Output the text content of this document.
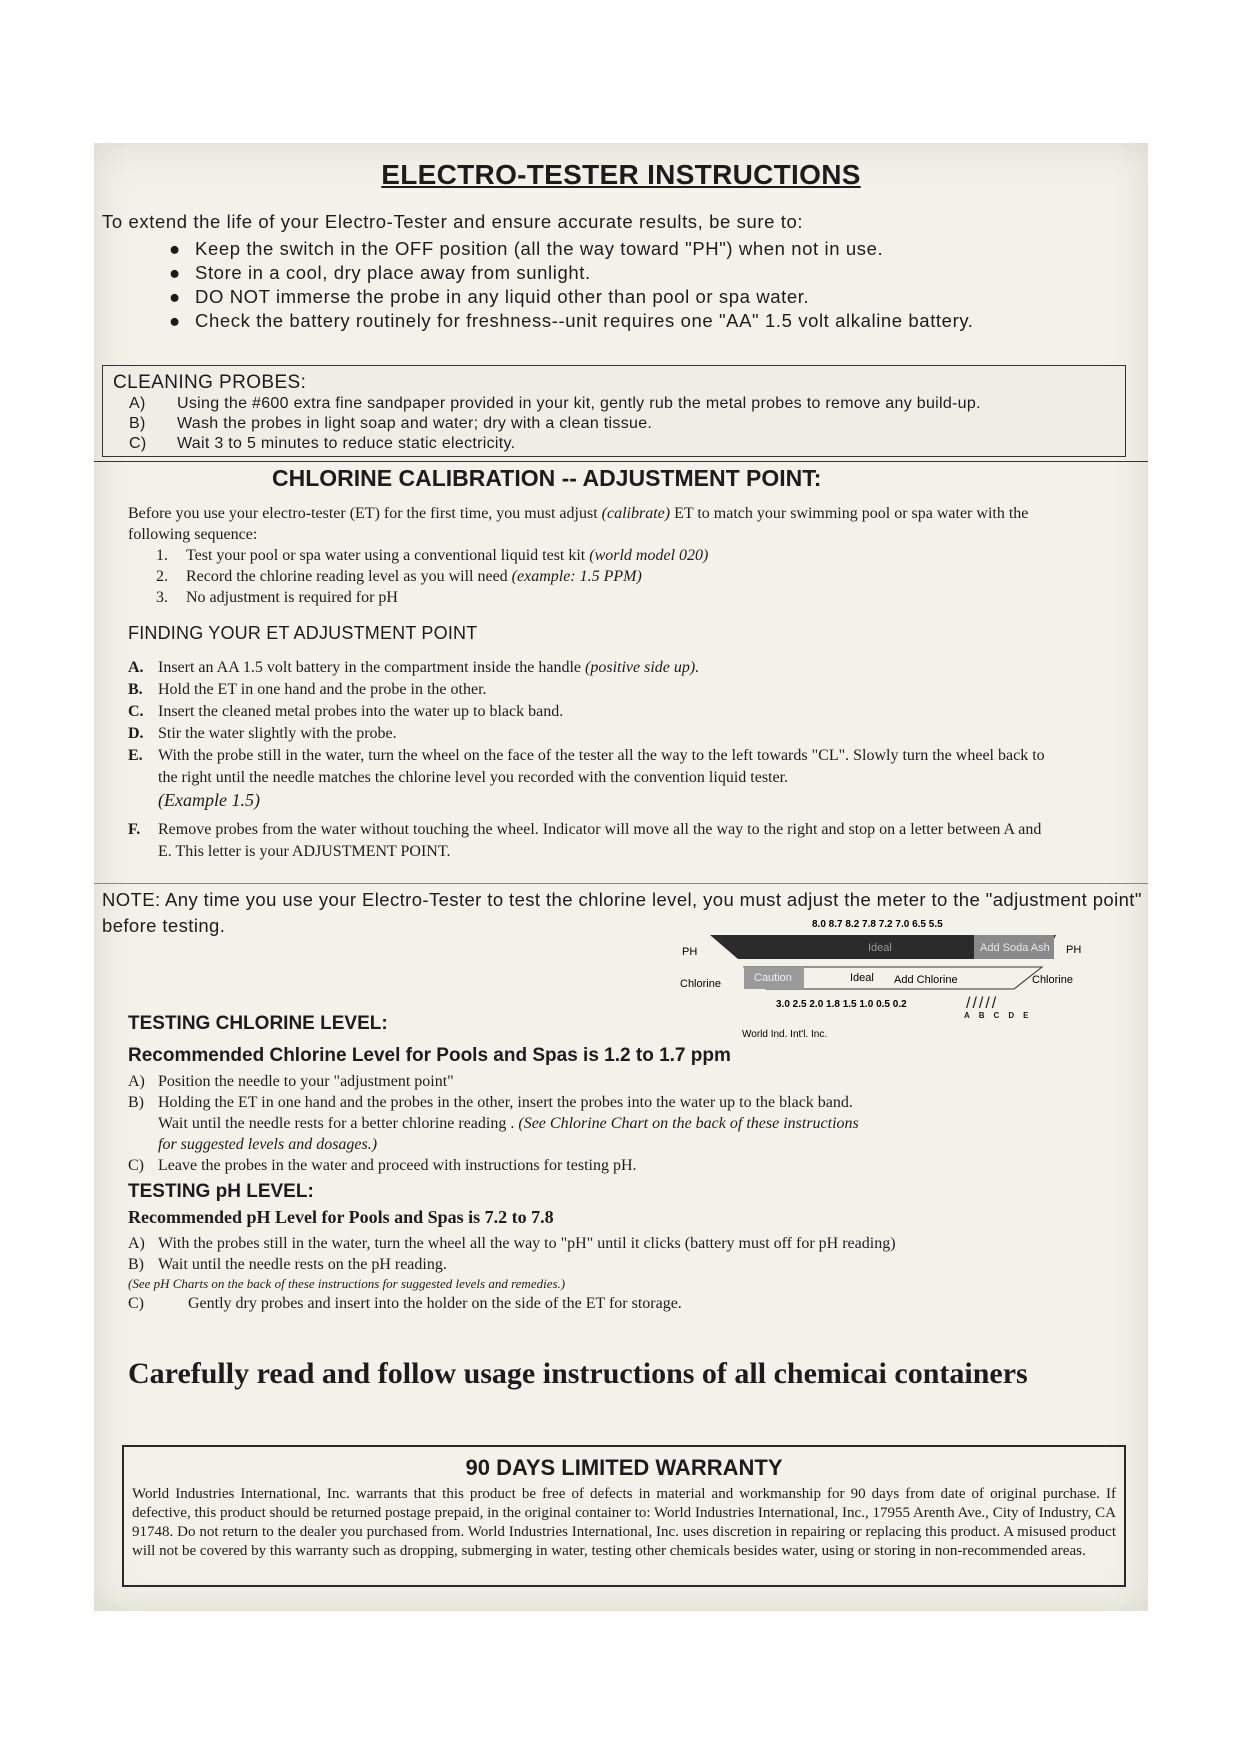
ELECTRO-TESTER INSTRUCTIONS
To extend the life of your Electro-Tester and ensure accurate results, be sure to:
● Keep the switch in the OFF position (all the way toward "PH") when not in use.
● Store in a cool, dry place away from sunlight.
● DO NOT immerse the probe in any liquid other than pool or spa water.
● Check the battery routinely for freshness--unit requires one "AA" 1.5 volt alkaline battery.
CLEANING PROBES:
A) Using the #600 extra fine sandpaper provided in your kit, gently rub the metal probes to remove any build-up.
B) Wash the probes in light soap and water; dry with a clean tissue.
C) Wait 3 to 5 minutes to reduce static electricity.
CHLORINE CALIBRATION -- ADJUSTMENT POINT:
Before you use your electro-tester (ET) for the first time, you must adjust (calibrate) ET to match your swimming pool or spa water with the following sequence:
1. Test your pool or spa water using a conventional liquid test kit (world model 020)
2. Record the chlorine reading level as you will need (example: 1.5 PPM)
3. No adjustment is required for pH
FINDING YOUR ET ADJUSTMENT POINT
A. Insert an AA 1.5 volt battery in the compartment inside the handle (positive side up).
B. Hold the ET in one hand and the probe in the other.
C. Insert the cleaned metal probes into the water up to black band.
D. Stir the water slightly with the probe.
E. With the probe still in the water, turn the wheel on the face of the tester all the way to the left towards "CL". Slowly turn the wheel back to the right until the needle matches the chlorine level you recorded with the convention liquid tester.
(Example 1.5)
F. Remove probes from the water without touching the wheel. Indicator will move all the way to the right and stop on a letter between A and E. This letter is your ADJUSTMENT POINT.
NOTE: Any time you use your Electro-Tester to test the chlorine level, you must adjust the meter to the "adjustment point" before testing.	8.0 8.7 8.2 7.8 7.2 7.0 6.5 5.5
PH	PH
Ideal	Add Soda Ash
Chlorine	Chlorine
Caution	Ideal Add Chlorine
3.0 2.5 2.0 1.8 1.5 1.0 0.5 0.2
World Ind. Int'l. Inc.
/////
ABCDE
TESTING CHLORINE LEVEL:
Recommended Chlorine Level for Pools and Spas is 1.2 to 1.7 ppm
A) Position the needle to your "adjustment point"
B) Holding the ET in one hand and the probes in the other, insert the probes into the water up to the black band.
Wait until the needle rests for a better chlorine reading . (See Chlorine Chart on the back of these instructions
for suggested levels and dosages.)
C) Leave the probes in the water and proceed with instructions for testing pH.
TESTING pH LEVEL:
Recommended pH Level for Pools and Spas is 7.2 to 7.8
A) With the probes still in the water, turn the wheel all the way to "pH" until it clicks (battery must off for pH reading)
B) Wait until the needle rests on the pH reading.
(See pH Charts on the back of these instructions for suggested levels and remedies.)
C)	Gently dry probes and insert into the holder on the side of the ET for storage.
Carefully read and follow usage instructions of all chemicai containers
90 DAYS LIMITED WARRANTY
World Industries International, Inc. warrants that this product be free of defects in material and workmanship for 90 days from date of original purchase. If defective, this product should be returned postage prepaid, in the original container to: World Industries International, Inc., 17955 Arenth Ave., City of Industry, CA 91748. Do not return to the dealer you purchased from. World Industries International, Inc. uses discretion in repairing or replacing this product. A misused product will not be covered by this warranty such as dropping, submerging in water, testing other chemicals besides water, using or storing in non-recommended areas.
